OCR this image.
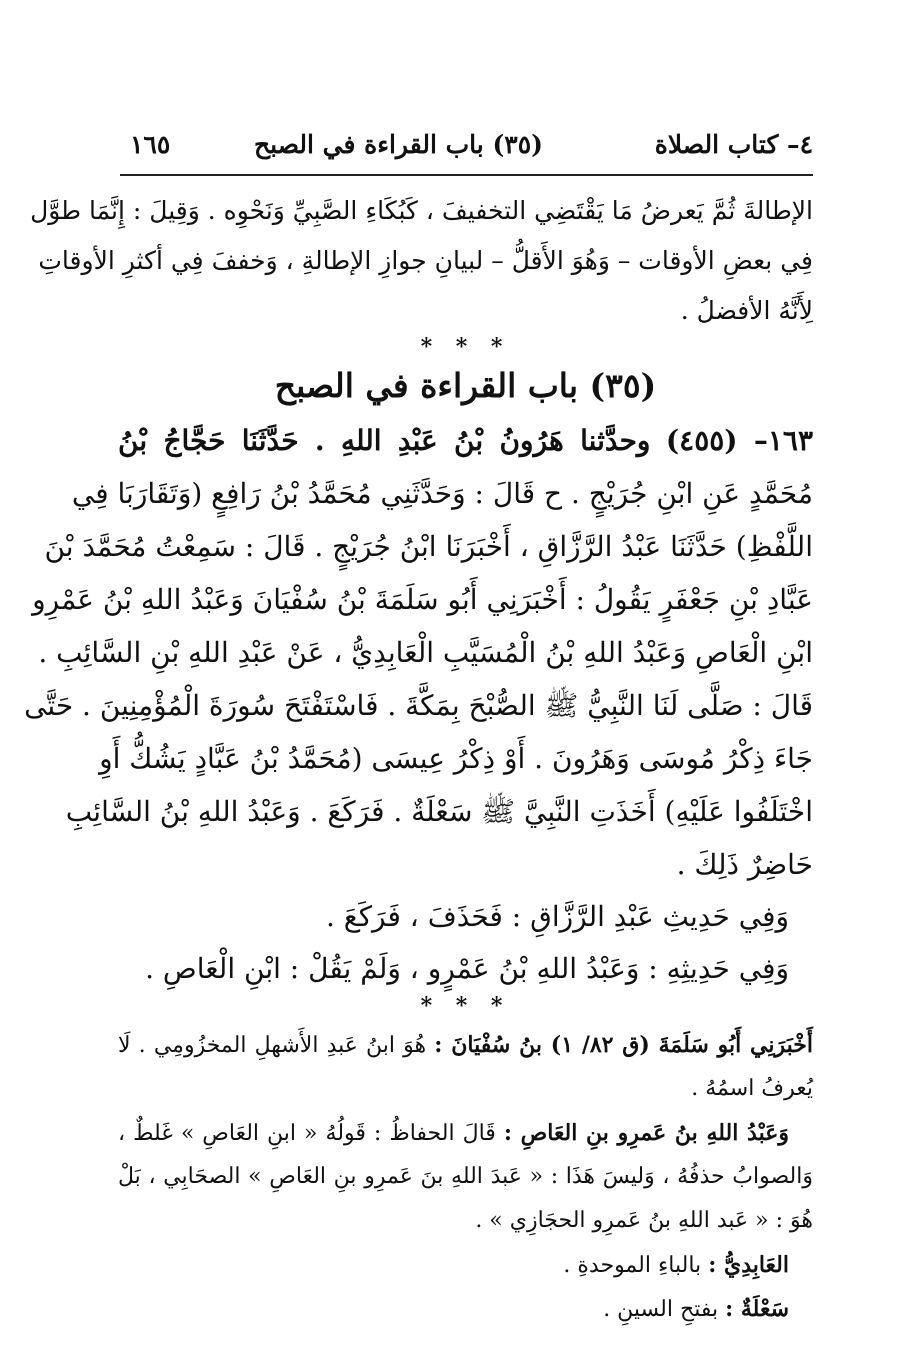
٤– كتاب الصلاة
(٣٥) باب القراءة في الصبح
١٦٥
الإطالةَ ثُمَّ يَعرضُ مَا يَقْتَضِي التخفيفَ ، كَبُكَاءِ الصَّبِيِّ وَنَحْوِه . وَقِيلَ : إِنَّمَا طوَّل
فِي بعضِ الأوقات – وَهُوَ الأَقلُّ – لبيانِ جوازِ الإطالةِ ، وَخففَ فِي أكثرِ الأوقاتِ
لِأَنَّهُ الأفضلُ .
* * *
(٣٥) باب القراءة في الصبح
١٦٣– (٤٥٥) وحدَّثنا هَرُونُ بْنُ عَبْدِ اللهِ . حَدَّثَنَا حَجَّاجُ بْنُ
مُحَمَّدٍ عَنِ ابْنِ جُرَيْجٍ . ح قَالَ : وَحَدَّثَنِي مُحَمَّدُ بْنُ رَافِعٍ (وَتَقَارَبَا فِي
اللَّفْظِ) حَدَّثَنَا عَبْدُ الرَّزَّاقِ ، أَخْبَرَنَا ابْنُ جُرَيْجٍ . قَالَ : سَمِعْتُ مُحَمَّدَ بْنَ
عَبَّادِ بْنِ جَعْفَرٍ يَقُولُ : أَخْبَرَنِي أَبُو سَلَمَةَ بْنُ سُفْيَانَ وَعَبْدُ اللهِ بْنُ عَمْرِو
ابْنِ الْعَاصِ وَعَبْدُ اللهِ بْنُ الْمُسَيَّبِ الْعَابِدِيُّ ، عَنْ عَبْدِ اللهِ بْنِ السَّائِبِ .
قَالَ : صَلَّى لَنَا النَّبِيُّ ﷺ الصُّبْحَ بِمَكَّةَ . فَاسْتَفْتَحَ سُورَةَ الْمُؤْمِنِينَ . حَتَّى
جَاءَ ذِكْرُ مُوسَى وَهَرُونَ . أَوْ ذِكْرُ عِيسَى (مُحَمَّدُ بْنُ عَبَّادٍ يَشُكُّ أَوِ
اخْتَلَفُوا عَلَيْهِ) أَخَذَتِ النَّبِيَّ ﷺ سَعْلَةٌ . فَرَكَعَ . وَعَبْدُ اللهِ بْنُ السَّائِبِ
حَاضِرٌ ذَلِكَ .
وَفِي حَدِيثِ عَبْدِ الرَّزَّاقِ : فَحَذَفَ ، فَرَكَعَ .
وَفِي حَدِيثِهِ : وَعَبْدُ اللهِ بْنُ عَمْرٍو ، وَلَمْ يَقُلْ : ابْنِ الْعَاصِ .
* * *
أَخْبَرَنِي أَبُو سَلَمَةَ (ق ٨٢/ ١) بنُ سُفْيَانَ : هُوَ ابنُ عَبدِ الأَشهلِ المخزُومِي . لَا
يُعرفُ اسمُهُ .
وَعَبْدُ اللهِ بنُ عَمرِو بنِ العَاصِ : قَالَ الحفاظُ : قَولُهُ « ابنِ العَاصِ » غَلطٌ ،
وَالصوابُ حذفُهُ ، وَليسَ هَذَا : « عَبدَ اللهِ بنَ عَمرِو بنِ العَاصِ » الصحَابِي ، بَلْ
هُوَ : « عَبد اللهِ بنُ عَمرِو الحجَازِي » .
العَابِدِيُّ : بالباءِ الموحدةِ .
سَعْلَةٌ : بفتحِ السينِ .
